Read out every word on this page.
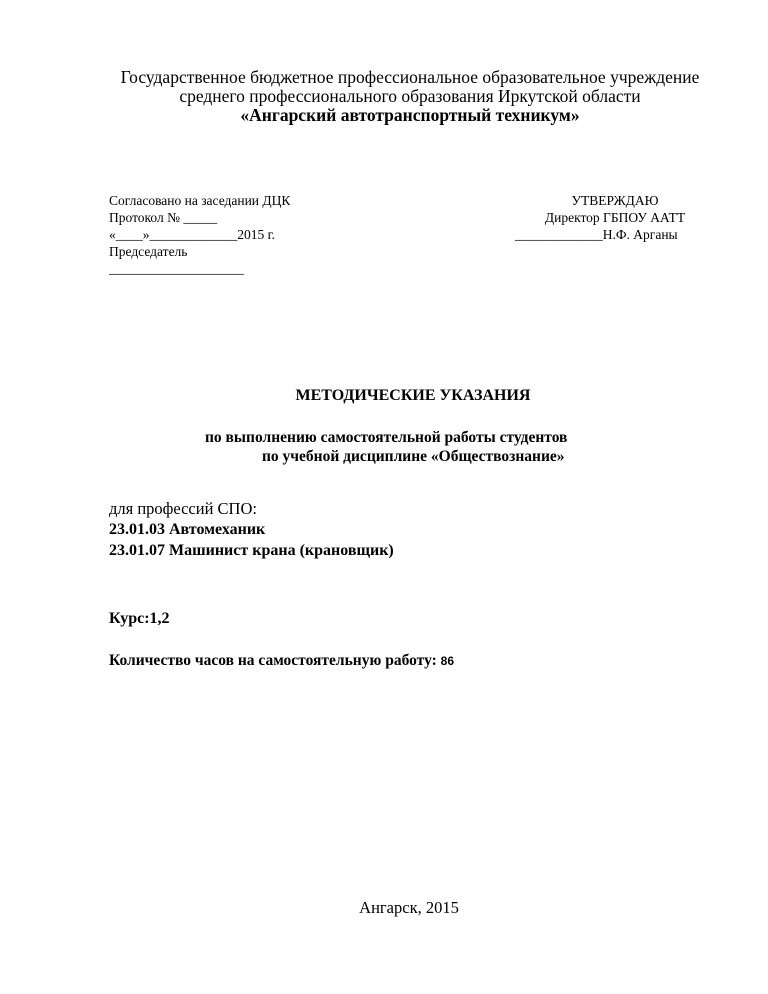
Государственное бюджетное профессиональное образовательное учреждение
среднего профессионального образования Иркутской области
«Ангарский автотранспортный техникум»
Согласовано на заседании ДЦК
Протокол № _____
«____»_____________2015 г.
Председатель
____________________
УТВЕРЖДАЮ
Директор ГБПОУ ААТТ
_____________Н.Ф. Арганы
МЕТОДИЧЕСКИЕ УКАЗАНИЯ
по выполнению самостоятельной работы студентов
по учебной дисциплине «Обществознание»
для профессий СПО:
23.01.03 Автомеханик
23.01.07 Машинист крана (крановщик)
Курс:1,2
Количество часов на самостоятельную работу: 86
Ангарск, 2015
